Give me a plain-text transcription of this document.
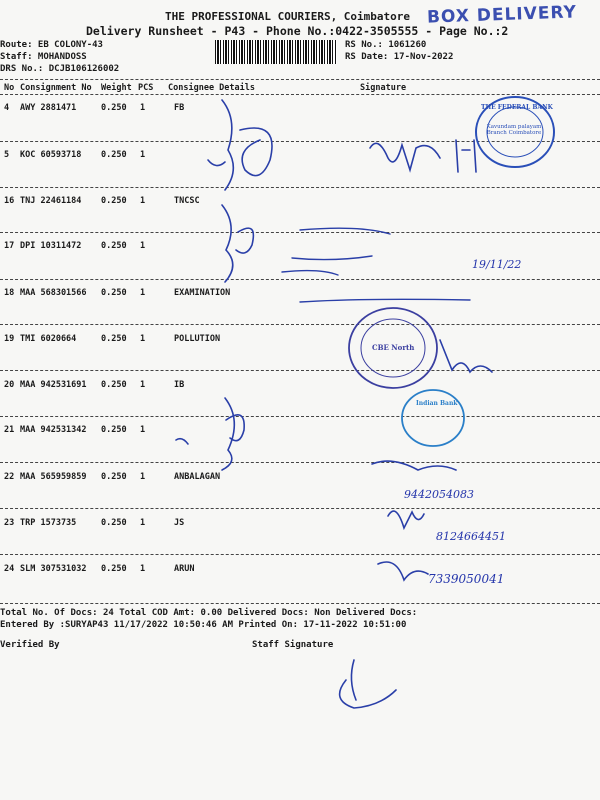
THE PROFESSIONAL COURIERS, Coimbatore BOX DELIVERY
Delivery Runsheet - P43 - Phone No.:0422-3505555 - Page No.:2
Route: EB COLONY-43
Staff: MOHANDOSS
DRS No.: DCJB106126002
RS No.: 1061260
RS Date: 17-Nov-2022
No Consignment No Weight PCS Consignee Details	Signature
4 AWY 2881471	0.250 1	FB
5 KOC 60593718 0.250 1
16 TNJ 22461184 0.250 1	TNCSC
17 DPI 10311472 0.250 1
18 MAA 568301566 0.250 1	EXAMINATION
19 TMI 6020664	0.250 1	POLLUTION
20 MAA 942531691 0.250 1	IB
21 MAA 942531342 0.250 1
22 MAA 565959859 0.250 1	ANBALAGAN
23 TRP 1573735	0.250 1	JS
24 SLM 307531032 0.250 1	ARUN
19/11/22
9442054083
8124664451
7339050041
THE FEDERAL BANK
Kavundam palayam Branch Coimbatore
CBE North
Indian Bank
Total No. Of Docs: 24 Total COD Amt: 0.00 Delivered Docs: Non Delivered Docs:
Entered By :SURYAP43 11/17/2022 10:50:46 AM Printed On: 17-11-2022 10:51:00
Verified By	Staff Signature
